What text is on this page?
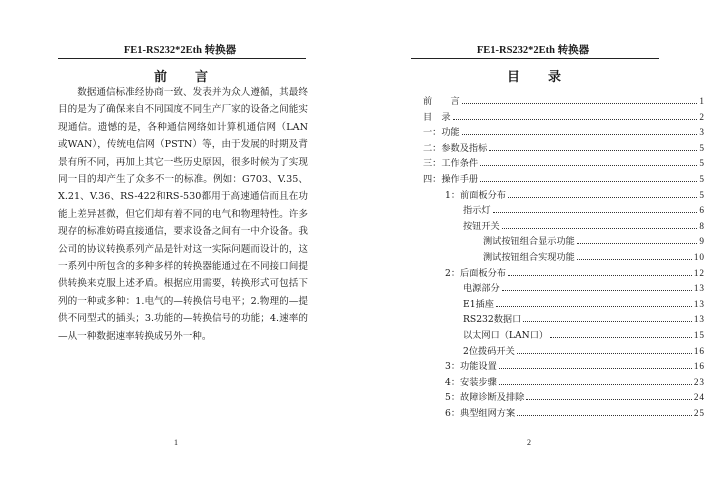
FE1-RS232*2Eth 转换器
前 言

数据通信标准经协商一致、发表并为众人遵循，其最终目的是为了确保来自不同国度不同生产厂家的设备之间能实现通信。遗憾的是，各种通信网络如计算机通信网（LAN或WAN），传统电信网（PSTN）等，由于发展的时期及背景有所不同，再加上其它一些历史原因，很多时候为了实现同一目的却产生了众多不一的标准。例如：G703、V.35、X.21、V.36、RS-422和RS-530都用于高速通信而且在功能上差异甚微，但它们却有着不同的电气和物理特性。许多现存的标准妨碍直接通信，要求设备之间有一中介设备。我公司的协议转换系列产品是针对这一实际问题而设计的，这一系列中所包含的多种多样的转换器能通过在不同接口间提供转换来克服上述矛盾。根据应用需要，转换形式可包括下列的一种或多种：1.电气的—转换信号电平；2.物理的—提供不同型式的插头；3.功能的—转换信号的功能；4.速率的—从一种数据速率转换成另外一种。

1
FE1-RS232*2Eth 转换器
目 录
前　　言	1
目　录	2
一：功能	3
二：参数及指标	5
三：工作条件	5
四：操作手册	5
1：前面板分布	5
指示灯	6
按钮开关	8
测试按钮组合显示功能	9
测试按钮组合实现功能	10
2：后面板分布	12
电源部分	13
E1插座	13
RS232数据口	13
以太网口（LAN口）	15
2位拨码开关	16
3：功能设置	16
4：安装步骤	23
5：故障诊断及排除	24
6：典型组网方案	25
2
